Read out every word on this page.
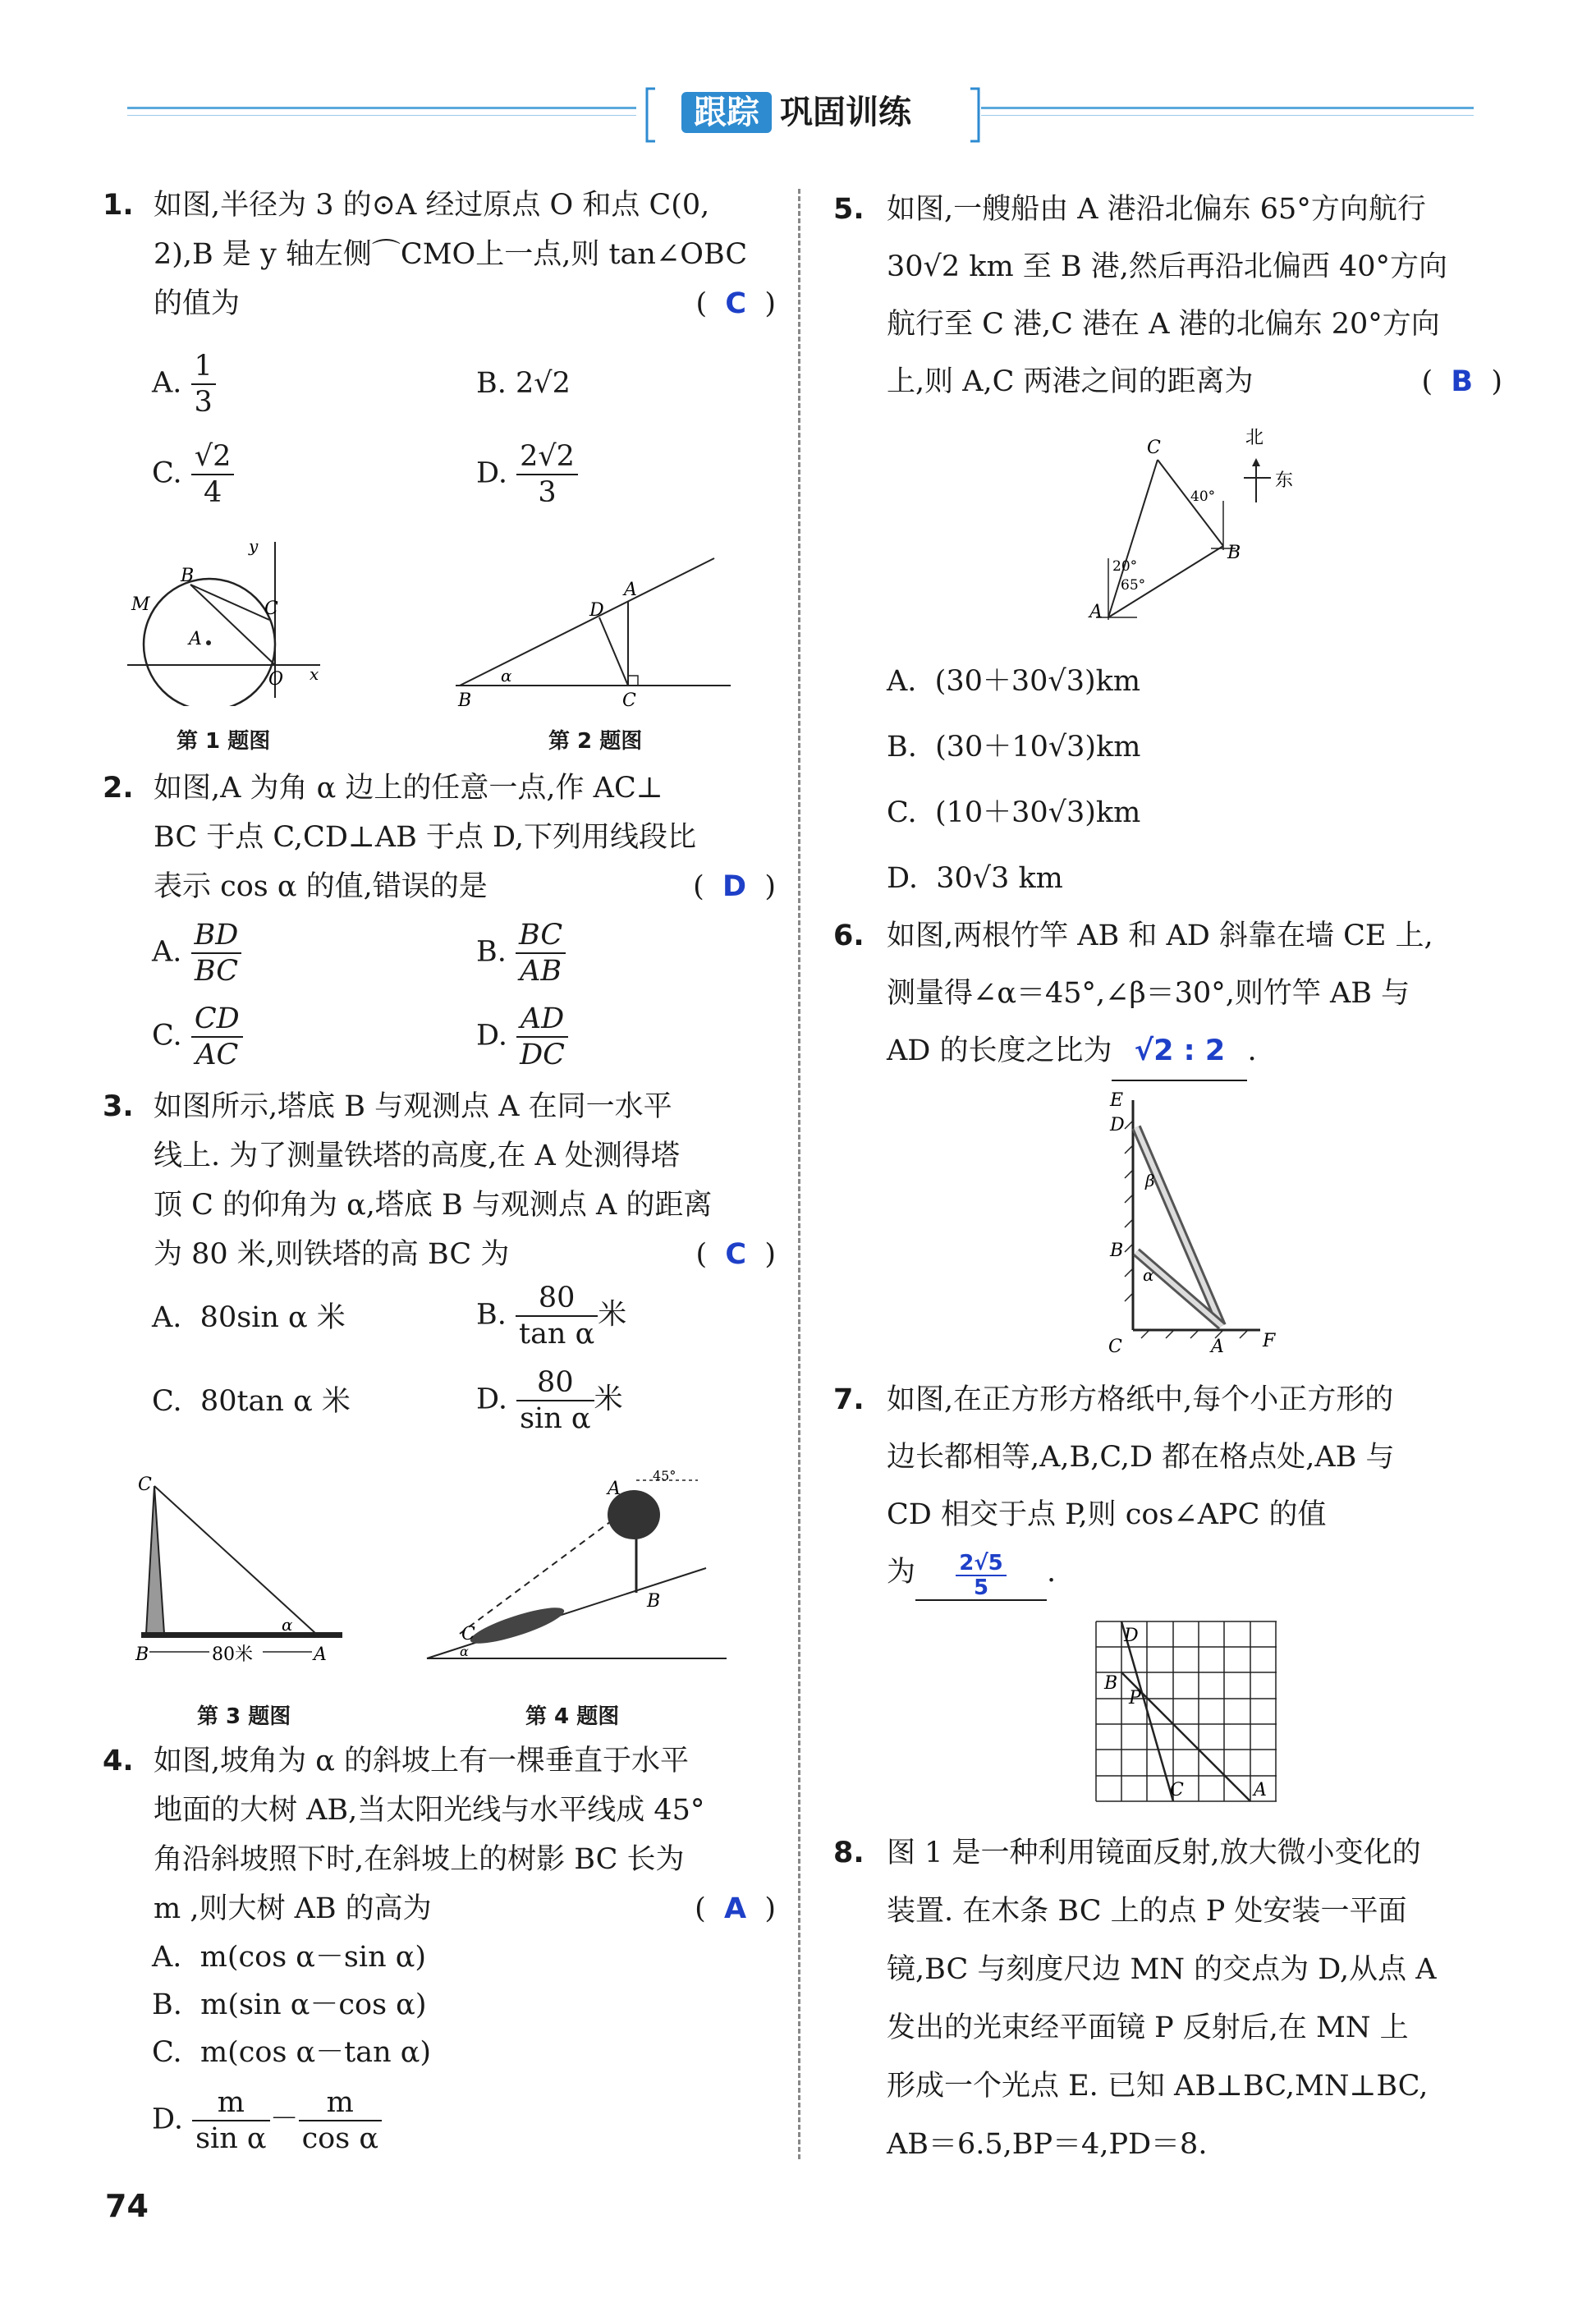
跟踪 巩固训练
1. 如图,半径为 3 的⊙A 经过原点 O 和点 C(0,
2),B 是 y 轴左侧⌒CMO上一点,则 tan∠OBC
的值为	(  C  )
A. $\frac{1}{3}$	B. 2√2
C. $\frac{√2}{4}$	D. $\frac{2√2}{3}$
B
M
A
C
O x
y
第 1 题图
B
A
D
C
α
第 2 题图
2. 如图,A 为角 α 边上的任意一点,作 AC⊥
BC 于点 C,CD⊥AB 于点 D,下列用线段比
表示 cos α 的值,错误的是	(  D  )
A. $\frac{BD}{BC}$	B. $\frac{BC}{AB}$
C. $\frac{CD}{AC}$	D. $\frac{AD}{DC}$
3. 如图所示,塔底 B 与观测点 A 在同一水平
线上. 为了测量铁塔的高度,在 A 处测得塔
顶 C 的仰角为 α,塔底 B 与观测点 A 的距离
为 80 米,则铁塔的高 BC 为	(  C  )
A. 80sin α 米	B. $\frac{80}{\text{tan α}}$ 米
C. 80tan α 米	D. $\frac{80}{\text{sin α}}$ 米
C
B	A
α
80米
第 3 题图
A
B
C
α
45°
第 4 题图
4. 如图,坡角为 α 的斜坡上有一棵垂直于水平
地面的大树 AB,当太阳光线与水平线成 45°
角沿斜坡照下时,在斜坡上的树影 BC 长为
m ,则大树 AB 的高为	(  A  )
A. m(cos α－sin α)
B. m(sin α－cos α)
C. m(cos α－tan α)
D. $\frac{m}{\text{sin α}} - \frac{m}{\text{cos α}}$
74
5. 如图,一艘船由 A 港沿北偏东 65°方向航行
30√2 km 至 B 港,然后再沿北偏西 40°方向
航行至 C 港,C 港在 A 港的北偏东 20°方向
上,则 A,C 两港之间的距离为	(  B  )
C
B
A
北
东
40°
20°
65°
A. (30＋30√3)km
B. (30＋10√3)km
C. (10＋30√3)km
D. 30√3 km
6. 如图,两根竹竿 AB 和 AD 斜靠在墙 CE 上,
测量得∠α＝45°,∠β＝30°,则竹竿 AB 与
AD 的长度之比为 √2 : 2 .
E
D
β
B
α
C	A F
7. 如图,在正方形方格纸中,每个小正方形的
边长都相等,A,B,C,D 都在格点处,AB 与
CD 相交于点 P,则 cos∠APC 的值
为 $\frac{2√5}{5}$ .
D
B
P
C	A
8. 图 1 是一种利用镜面反射,放大微小变化的
装置. 在木条 BC 上的点 P 处安装一平面
镜,BC 与刻度尺边 MN 的交点为 D,从点 A
发出的光束经平面镜 P 反射后,在 MN 上
形成一个光点 E. 已知 AB⊥BC,MN⊥BC,
AB＝6.5,BP＝4,PD＝8.
